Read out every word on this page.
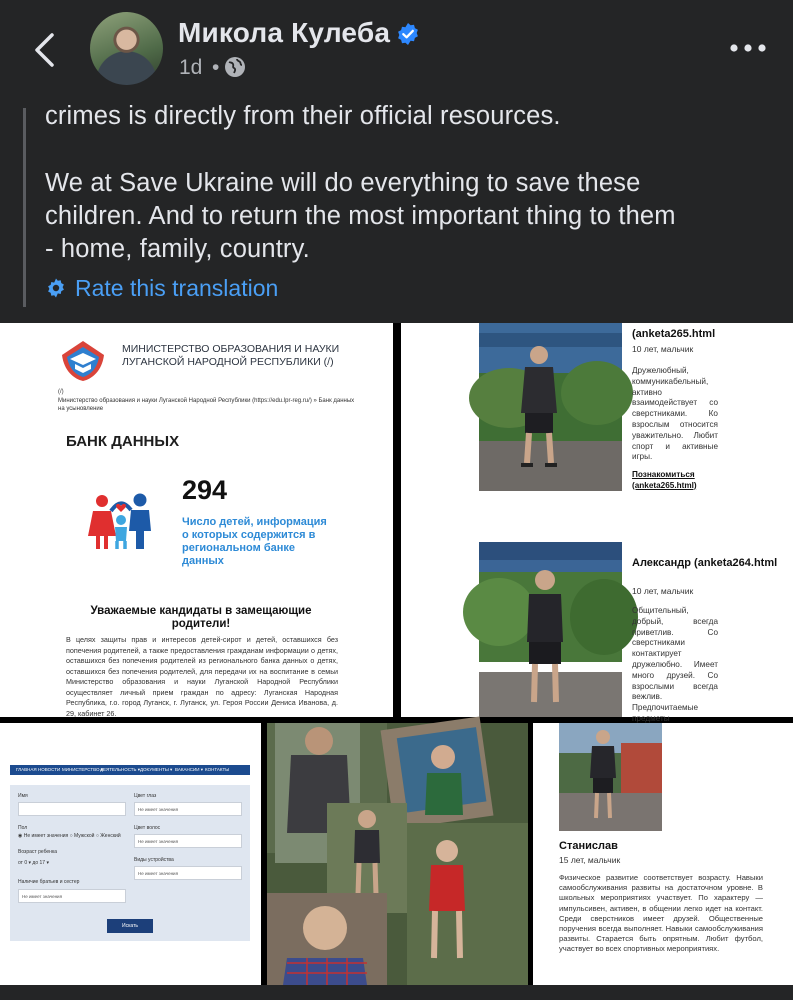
Микола Кулеба
1d •
crimes is directly from their official resources.
We at Save Ukraine will do everything to save these
children. And to return the most important thing to them
- home, family, country.
Rate this translation
МИНИСТЕРСТВО ОБРАЗОВАНИЯ И НАУКИ ЛУГАНСКОЙ НАРОДНОЙ РЕСПУБЛИКИ (/)
(/)
Министерство образования и науки Луганской Народной Республики (https://edu.lpr-reg.ru/) » Банк данных на усыновление
БАНК ДАННЫХ
294
Число детей, информация о которых содержится в региональном банке данных
Уважаемые кандидаты в замещающие родители!
В целях защиты прав и интересов детей-сирот и детей, оставшихся без попечения родителей, а также предоставления гражданам информации о детях, оставшихся без попечения родителей из регионального банка данных о детях, оставшихся без попечения родителей, для передачи их на воспитание в семьи Министерство образования и науки Луганской Народной Республики осуществляет личный прием граждан по адресу: Луганская Народная Республика, г.о. город Луганск, г. Луганск, ул. Героя России Дениса Иванова, д. 29, кабинет 26.
(anketa265.html
10 лет, мальчик
Дружелюбный, коммуникабельный, активно взаимодействует со сверстниками. Ко взрослым относится уважительно. Любит спорт и активные игры.
Познакомиться (anketa265.html)
Александр (anketa264.html
10 лет, мальчик
Общительный, добрый, всегда приветлив. Со сверстниками контактирует дружелюбно. Имеет много друзей. Со взрослыми всегда вежлив. Предпочитаемые предметы
ГЛАВНАЯ НОВОСТИ МИНИСТЕРСТВО ▾
ДЕЯТЕЛЬНОСТЬ ▾ ДОКУМЕНТЫ ▾ ВАКАНСИИ ▾ КОНТАКТЫ
Имя	Цвет глаз
Не имеет значения
Пол
◉ Не имеет значения ○ Мужской ○ Женский
Цвет волос
Не имеет значения
Возраст ребенка
от 0 ▾ до 17 ▾	Виды устройства
Не имеет значения
Наличие братьев и сестер
Не имеет значения
Искать
Станислав
15 лет, мальчик
Физическое развитие соответствует возрасту. Навыки самообслуживания развиты на достаточном уровне. В школьных мероприятиях участвует. По характеру — импульсивен, активен, в общении легко идет на контакт. Среди сверстников имеет друзей. Общественные поручения всегда выполняет. Навыки самообслуживания развиты. Старается быть опрятным. Любит футбол, участвует во всех спортивных мероприятиях.
